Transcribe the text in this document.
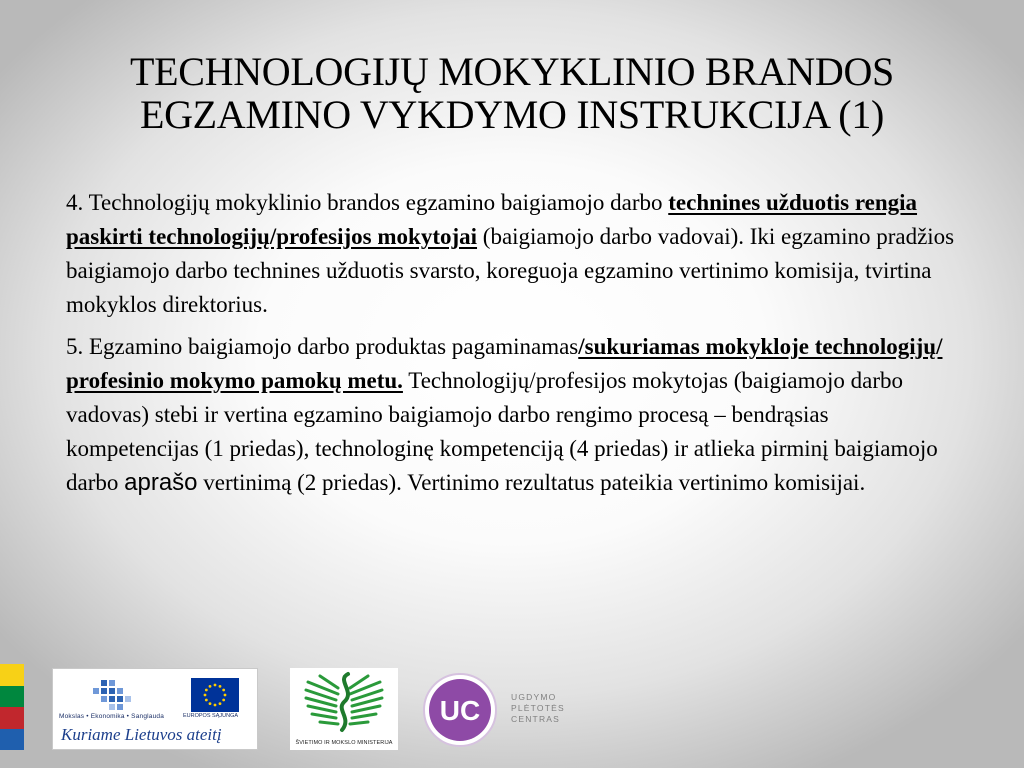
TECHNOLOGIJŲ MOKYKLINIO BRANDOS
EGZAMINO VYKDYMO INSTRUKCIJA (1)

4. Technologijų mokyklinio brandos egzamino baigiamojo darbo technines užduotis rengia paskirti technologijų/profesijos mokytojai (baigiamojo darbo vadovai). Iki egzamino pradžios baigiamojo darbo technines užduotis svarsto, koreguoja egzamino vertinimo komisija, tvirtina mokyklos direktorius.

5. Egzamino baigiamojo darbo produktas pagaminamas/sukuriamas mokykloje technologijų/ profesinio mokymo pamokų metu. Technologijų/profesijos mokytojas (baigiamojo darbo vadovas) stebi ir vertina egzamino baigiamojo darbo rengimo procesą – bendrąsias kompetencijas (1 priedas), technologinę kompetenciją (4 priedas) ir atlieka pirminį baigiamojo darbo aprašo vertinimą (2 priedas). Vertinimo rezultatus pateikia vertinimo komisijai.

Mokslas • Ekonomika • Sanglauda	EUROPOS SĄJUNGA
Kuriame Lietuvos ateitį	ŠVIETIMO IR MOKSLO MINISTERIJA
UC	UGDYMO
PLĖTOTĖS
CENTRAS
